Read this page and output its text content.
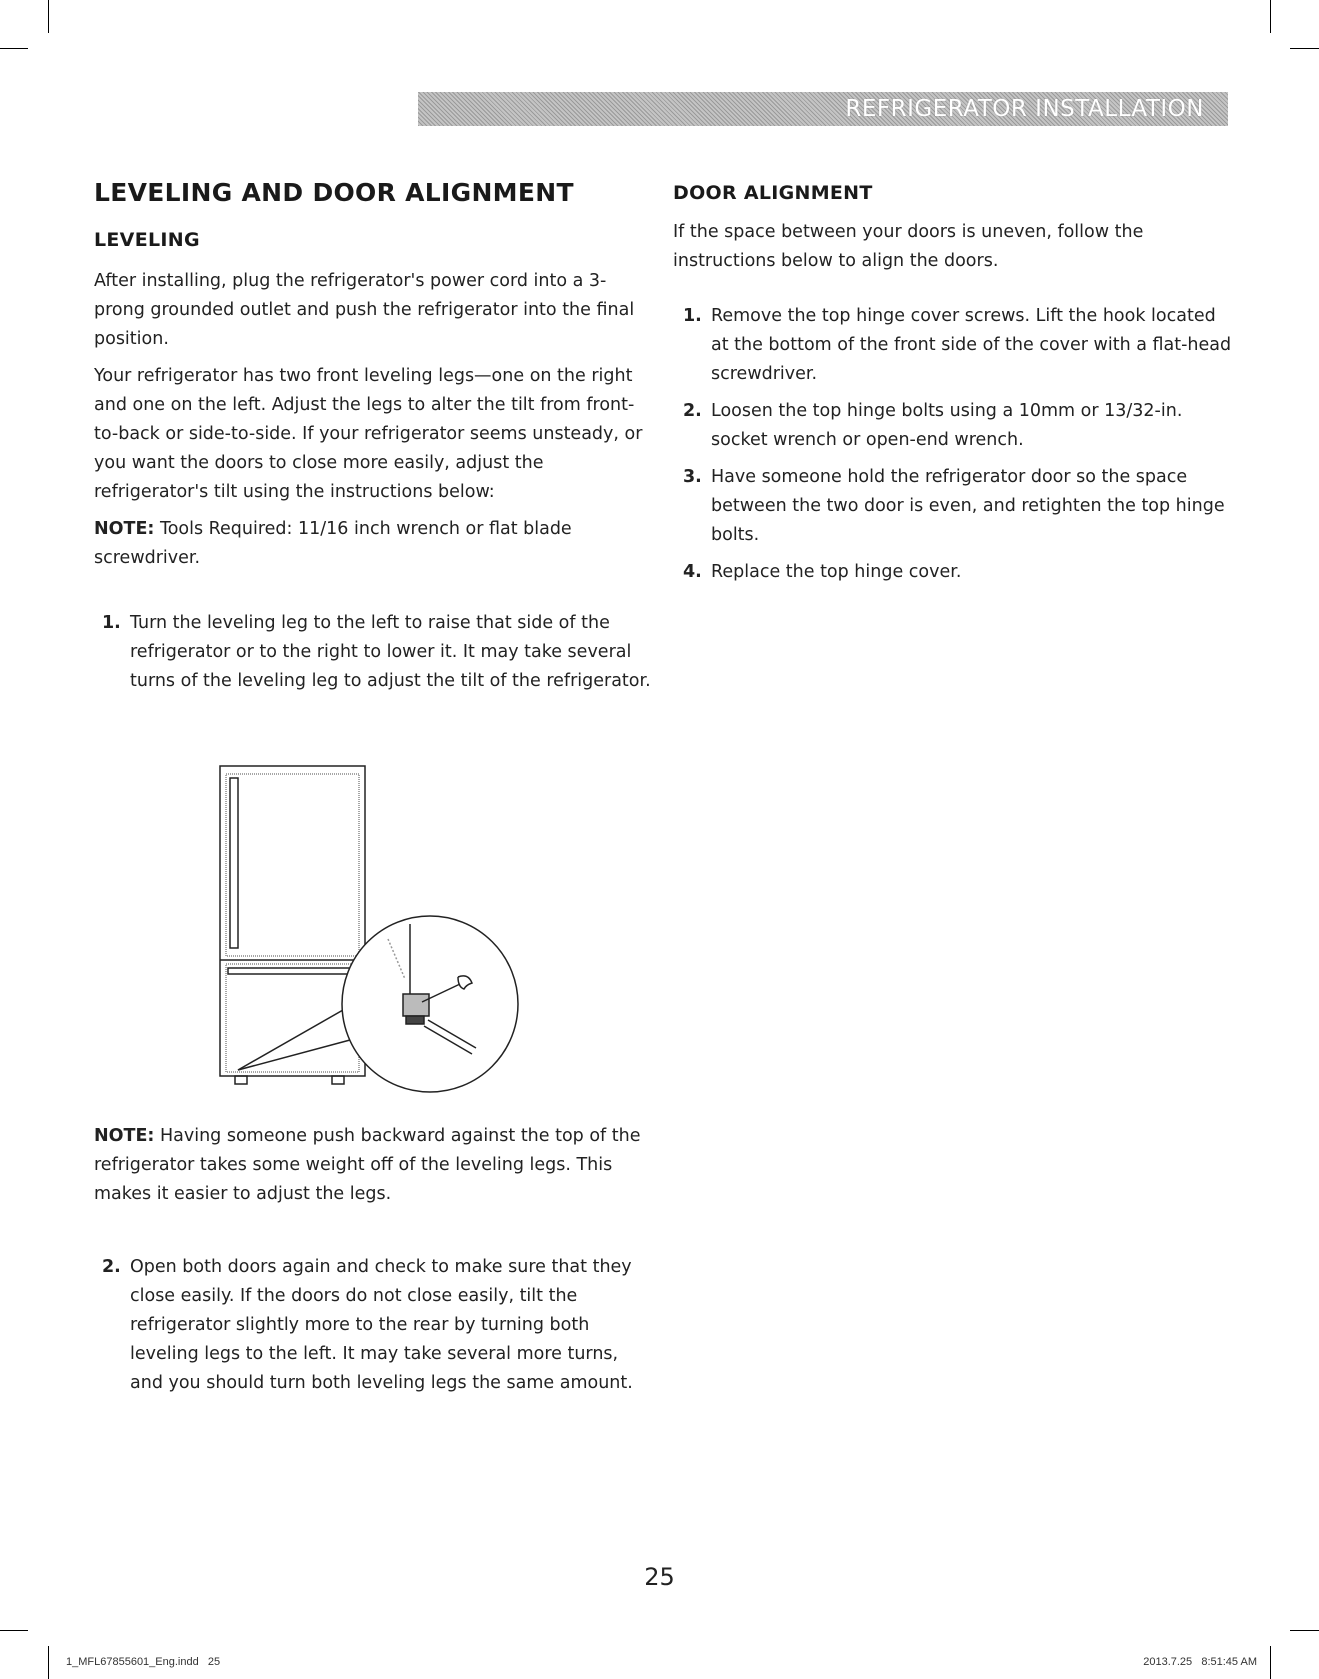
REFRIGERATOR INSTALLATION
LEVELING AND DOOR ALIGNMENT
LEVELING

After installing, plug the refrigerator's power cord into a 3-prong grounded outlet and push the refrigerator into the final position.

Your refrigerator has two front leveling legs—one on the right and one on the left. Adjust the legs to alter the tilt from front-to-back or side-to-side. If your refrigerator seems unsteady, or you want the doors to close more easily, adjust the refrigerator's tilt using the instructions below:

NOTE: Tools Required: 11/16 inch wrench or flat blade screwdriver.

1. Turn the leveling leg to the left to raise that side of the refrigerator or to the right to lower it. It may take several turns of the leveling leg to adjust the tilt of the refrigerator.

NOTE: Having someone push backward against the top of the refrigerator takes some weight off of the leveling legs. This makes it easier to adjust the legs.

2. Open both doors again and check to make sure that they close easily. If the doors do not close easily, tilt the refrigerator slightly more to the rear by turning both leveling legs to the left. It may take several more turns, and you should turn both leveling legs the same amount.
DOOR ALIGNMENT

If the space between your doors is uneven, follow the instructions below to align the doors.

1. Remove the top hinge cover screws. Lift the hook located at the bottom of the front side of the cover with a flat-head screwdriver.
2. Loosen the top hinge bolts using a 10mm or 13/32-in. socket wrench or open-end wrench.
3. Have someone hold the refrigerator door so the space between the two door is even, and retighten the top hinge bolts.
4. Replace the top hinge cover.
25
1_MFL67855601_Eng.indd   25	2013.7.25   8:51:45 AM
